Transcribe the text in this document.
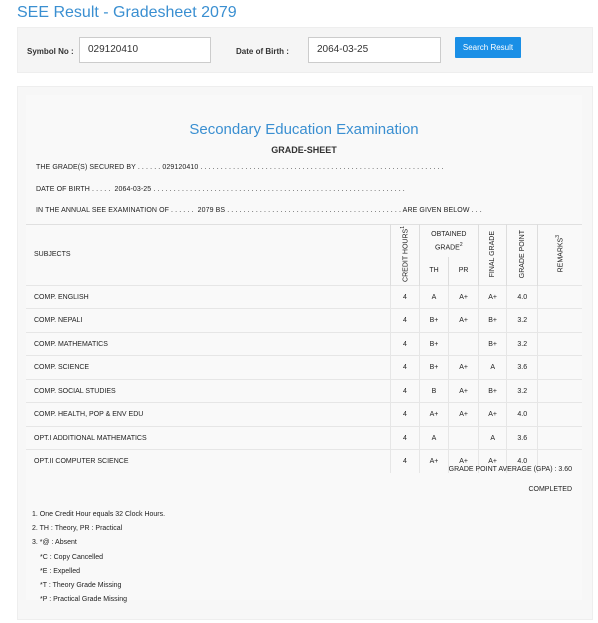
SEE Result - Gradesheet 2079
Symbol No :	029120410	Date of Birth :	2064-03-25	Search Result
Secondary Education Examination
GRADE-SHEET
THE GRADE(S) SECURED BY . . . . . . 029120410 . . . . . . . . . . . . . . . . . . . . . . . . . . . . . . . . . . . . . . . . . . . . . . . . . . . . . . . . . . . .
DATE OF BIRTH . . . . .  2064-03-25 . . . . . . . . . . . . . . . . . . . . . . . . . . . . . . . . . . . . . . . . . . . . . . . . . . . . . . . . . . . . . .
IN THE ANNUAL SEE EXAMINATION OF . . . . . .  2079 BS . . . . . . . . . . . . . . . . . . . . . . . . . . . . . . . . . . . . . . . . . . . ARE GIVEN BELOW . . .
SUBJECTS	CREDIT HOURS$^1$	OBTAINED
GRADE$^2$		FINAL GRADE	GRADE POINT	REMARKS$^3$
		TH	PR			
COMP. ENGLISH	4	A	A+	A+	4.0	
COMP. NEPALI	4	B+	A+	B+	3.2	
COMP. MATHEMATICS	4	B+		B+	3.2	
COMP. SCIENCE	4	B+	A+	A	3.6	
COMP. SOCIAL STUDIES	4	B	A+	B+	3.2	
COMP. HEALTH, POP & ENV EDU	4	A+	A+	A+	4.0	
OPT.I ADDITIONAL MATHEMATICS	4	A		A	3.6	
OPT.II COMPUTER SCIENCE	4	A+	A+	A+	4.0	
GRADE POINT AVERAGE (GPA) : 3.60
COMPLETED
1. One Credit Hour equals 32 Clock Hours.
2. TH : Theory, PR : Practical
3. *@ : Absent
*C : Copy Cancelled
*E : Expelled
*T : Theory Grade Missing
*P : Practical Grade Missing
